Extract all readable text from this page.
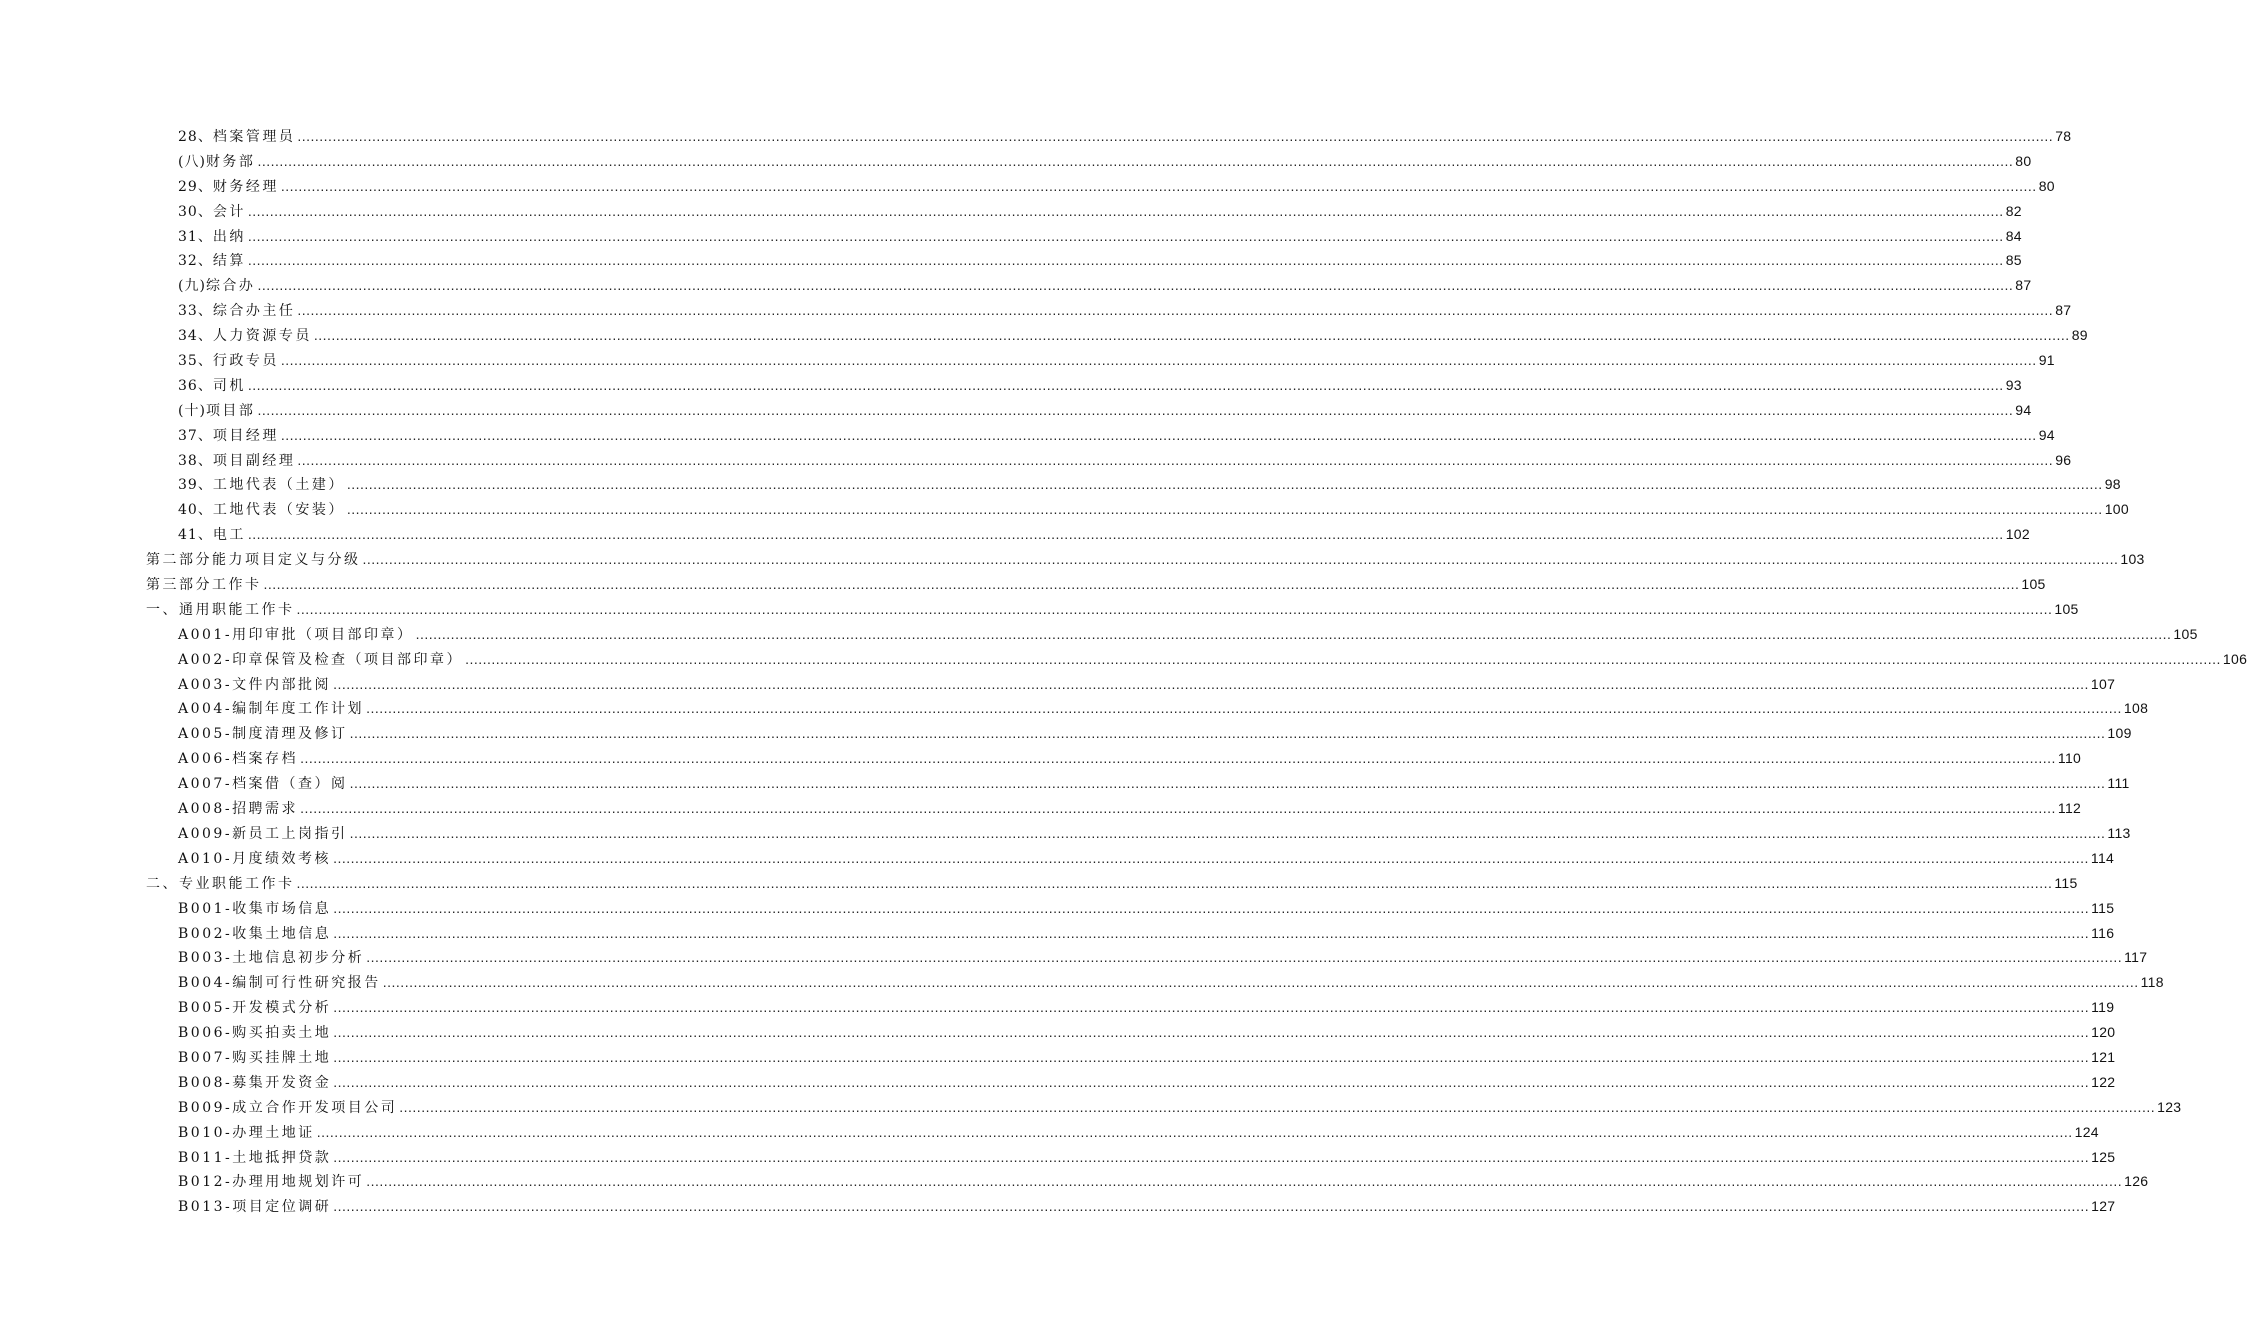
28、 档案管理员 ................................................................................................................................................................................................................................................................................................................................................................................................................ 78
(八) 财务部 ................................................................................................................................................................................................................................................................................................................................................................................................................ 80
29、 财务经理 ................................................................................................................................................................................................................................................................................................................................................................................................................ 80
30、 会计 ................................................................................................................................................................................................................................................................................................................................................................................................................ 82
31、 出纳 ................................................................................................................................................................................................................................................................................................................................................................................................................ 84
32、 结算 ................................................................................................................................................................................................................................................................................................................................................................................................................ 85
(九) 综合办 ................................................................................................................................................................................................................................................................................................................................................................................................................ 87
33、 综合办主任 ................................................................................................................................................................................................................................................................................................................................................................................................................ 87
34、 人力资源专员 ................................................................................................................................................................................................................................................................................................................................................................................................................ 89
35、 行政专员 ................................................................................................................................................................................................................................................................................................................................................................................................................ 91
36、 司机 ................................................................................................................................................................................................................................................................................................................................................................................................................ 93
(十) 项目部 ................................................................................................................................................................................................................................................................................................................................................................................................................ 94
37、 项目经理 ................................................................................................................................................................................................................................................................................................................................................................................................................ 94
38、 项目副经理 ................................................................................................................................................................................................................................................................................................................................................................................................................ 96
39、 工地代表（土建） ................................................................................................................................................................................................................................................................................................................................................................................................................ 98
40、 工地代表（安装） ................................................................................................................................................................................................................................................................................................................................................................................................................ 100
41、 电工 ................................................................................................................................................................................................................................................................................................................................................................................................................ 102
第二部分 能力项目定义与分级 ................................................................................................................................................................................................................................................................................................................................................................................................................ 103
第三部分 工作卡 ................................................................................................................................................................................................................................................................................................................................................................................................................ 105
一、通用职能工作卡 ................................................................................................................................................................................................................................................................................................................................................................................................................ 105
A001-用印审批（项目部印章） ................................................................................................................................................................................................................................................................................................................................................................................................................ 105
A002-印章保管及检查（项目部印章） ................................................................................................................................................................................................................................................................................................................................................................................................................ 106
A003-文件内部批阅 ................................................................................................................................................................................................................................................................................................................................................................................................................ 107
A004-编制年度工作计划 ................................................................................................................................................................................................................................................................................................................................................................................................................ 108
A005-制度清理及修订 ................................................................................................................................................................................................................................................................................................................................................................................................................ 109
A006-档案存档 ................................................................................................................................................................................................................................................................................................................................................................................................................ 110
A007-档案借（查）阅 ................................................................................................................................................................................................................................................................................................................................................................................................................ 111
A008-招聘需求 ................................................................................................................................................................................................................................................................................................................................................................................................................ 112
A009-新员工上岗指引 ................................................................................................................................................................................................................................................................................................................................................................................................................ 113
A010-月度绩效考核 ................................................................................................................................................................................................................................................................................................................................................................................................................ 114
二、专业职能工作卡 ................................................................................................................................................................................................................................................................................................................................................................................................................ 115
B001-收集市场信息 ................................................................................................................................................................................................................................................................................................................................................................................................................ 115
B002-收集土地信息 ................................................................................................................................................................................................................................................................................................................................................................................................................ 116
B003-土地信息初步分析 ................................................................................................................................................................................................................................................................................................................................................................................................................ 117
B004-编制可行性研究报告 ................................................................................................................................................................................................................................................................................................................................................................................................................ 118
B005-开发模式分析 ................................................................................................................................................................................................................................................................................................................................................................................................................ 119
B006-购买拍卖土地 ................................................................................................................................................................................................................................................................................................................................................................................................................ 120
B007-购买挂牌土地 ................................................................................................................................................................................................................................................................................................................................................................................................................ 121
B008-募集开发资金 ................................................................................................................................................................................................................................................................................................................................................................................................................ 122
B009-成立合作开发项目公司 ................................................................................................................................................................................................................................................................................................................................................................................................................ 123
B010-办理土地证 ................................................................................................................................................................................................................................................................................................................................................................................................................ 124
B011-土地抵押贷款 ................................................................................................................................................................................................................................................................................................................................................................................................................ 125
B012-办理用地规划许可 ................................................................................................................................................................................................................................................................................................................................................................................................................ 126
B013-项目定位调研 ................................................................................................................................................................................................................................................................................................................................................................................................................ 127
